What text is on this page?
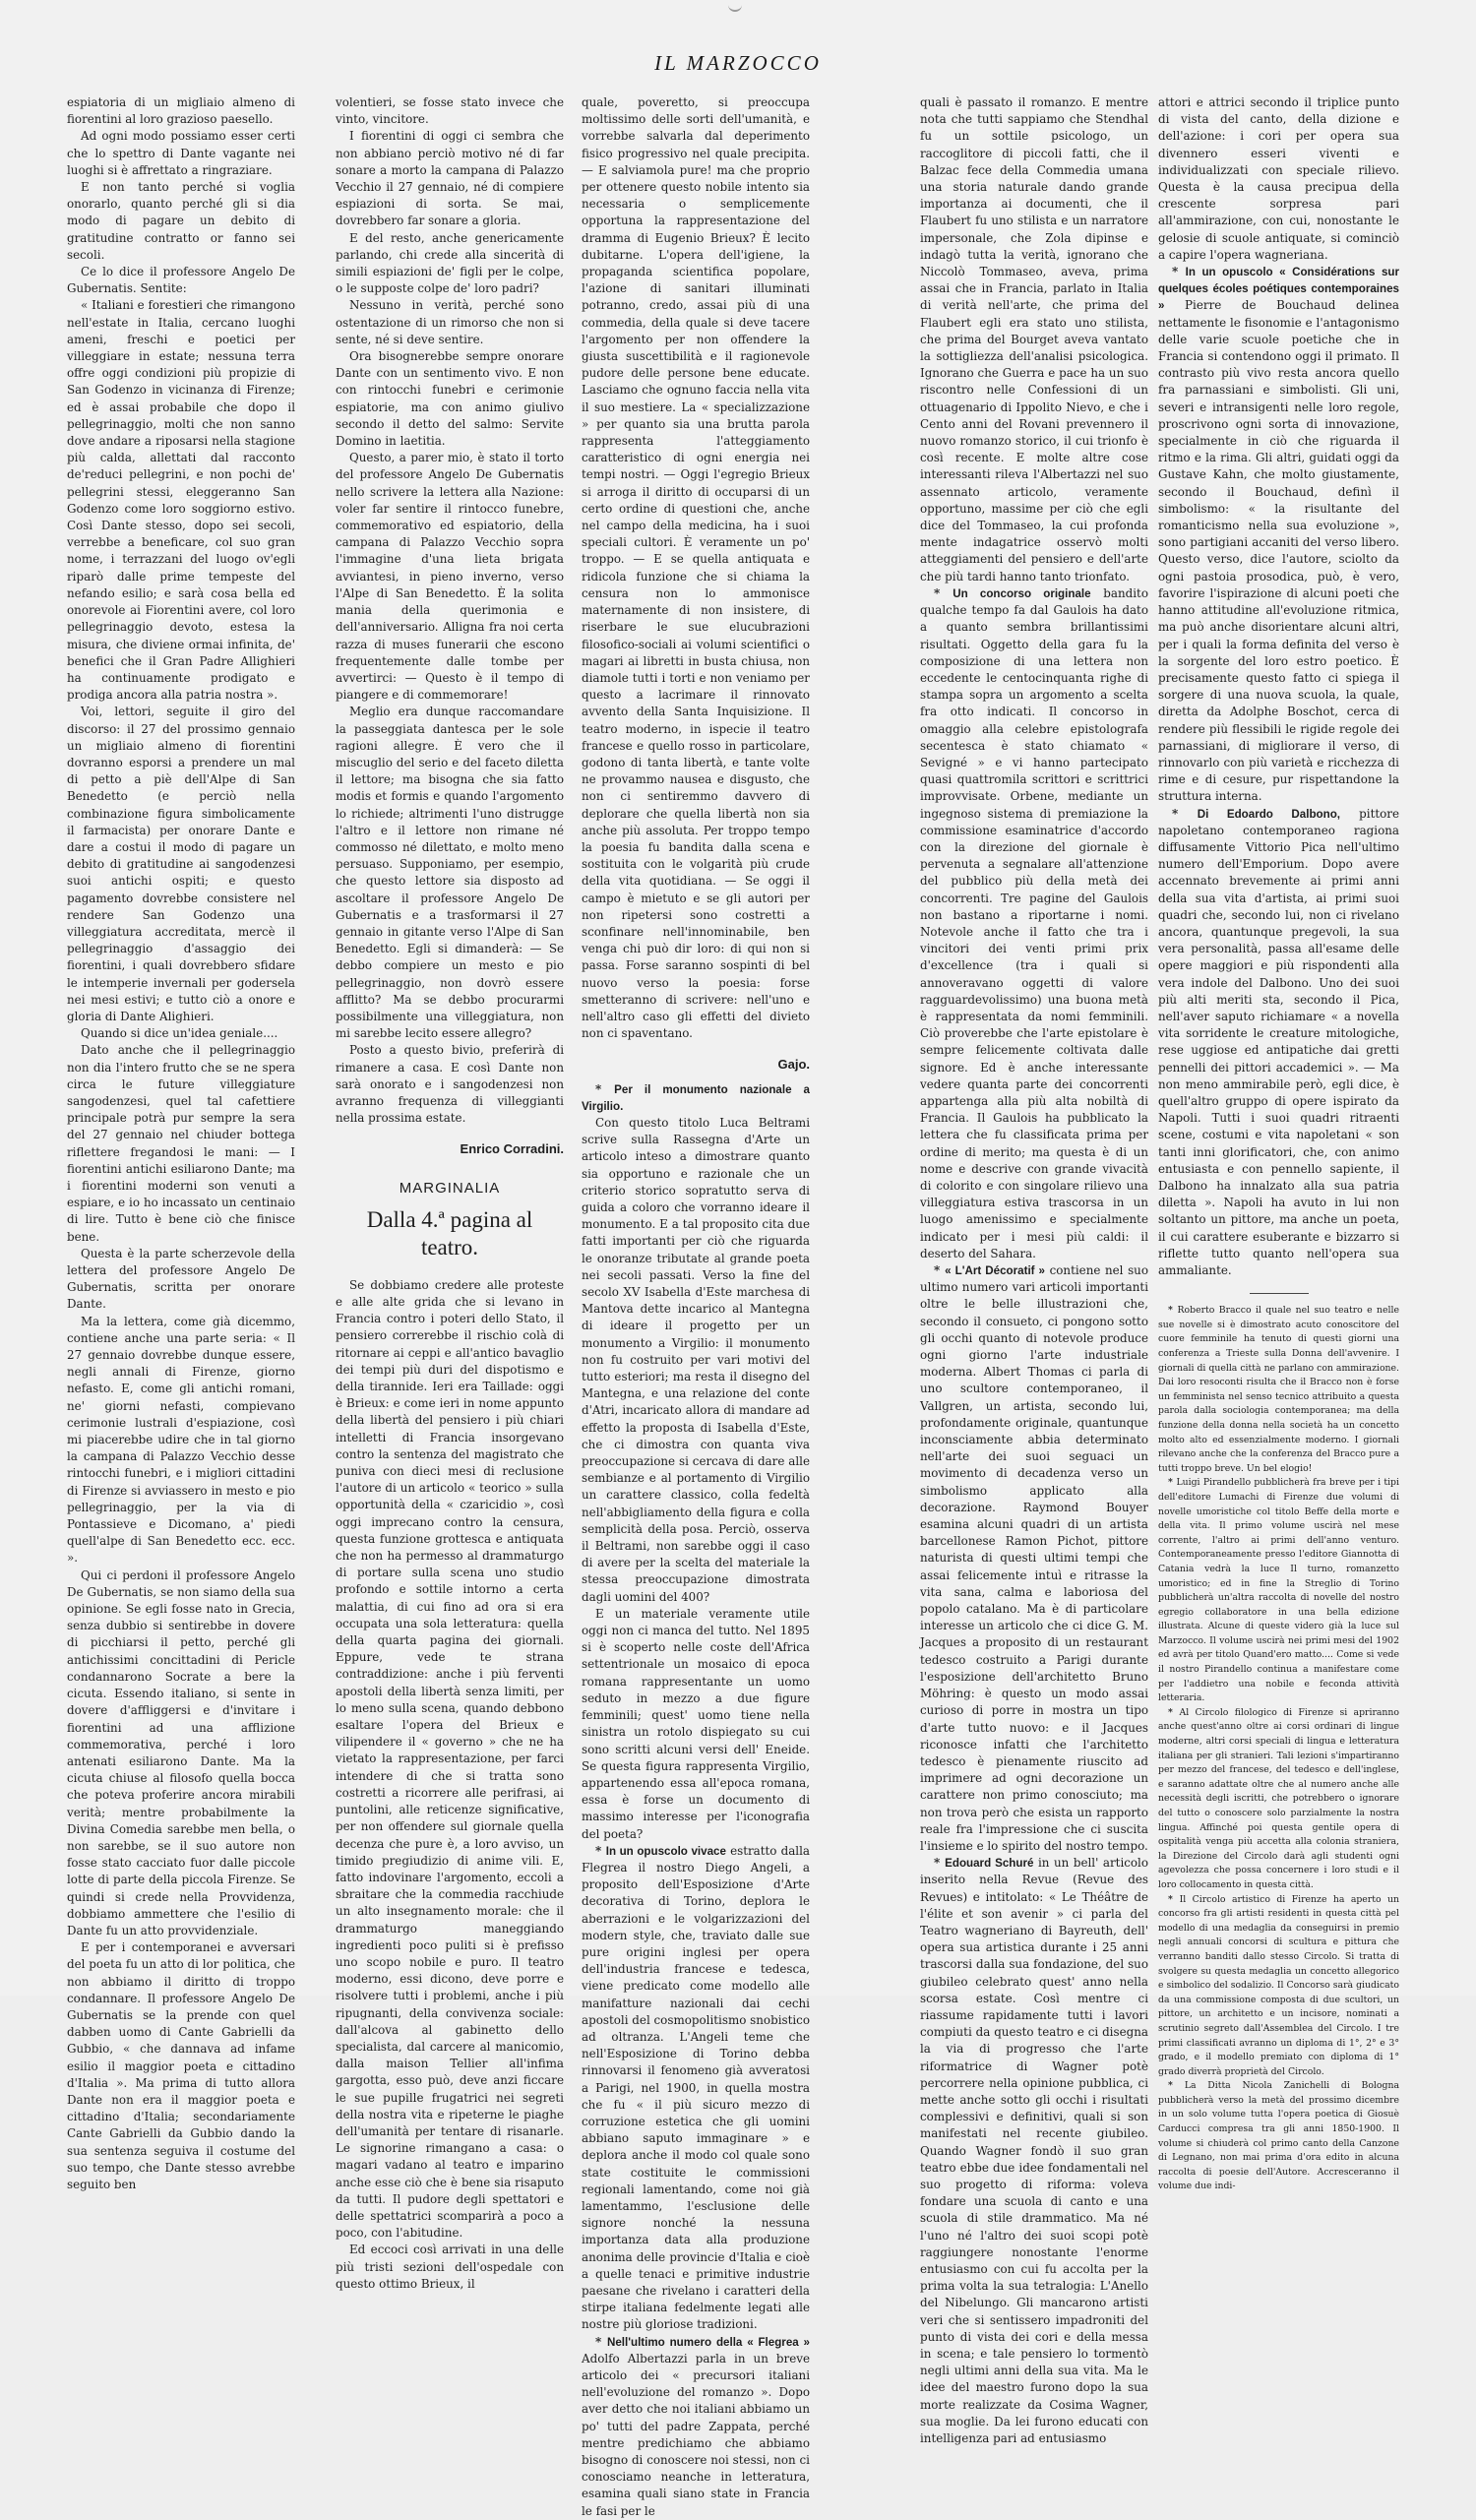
IL MARZOCCO

espiatoria di un migliaio almeno di fiorentini al loro grazioso paesello.

Ad ogni modo possiamo esser certi che lo spettro di Dante vagante nei luoghi si è affrettato a ringraziare.

E non tanto perché si voglia onorarlo, quanto perché gli si dia modo di pagare un debito di gratitudine contratto or fanno sei secoli.

Ce lo dice il professore Angelo De Gubernatis. Sentite:

« Italiani e forestieri che rimangono nell'estate in Italia, cercano luoghi ameni, freschi e poetici per villeggiare in estate; nessuna terra offre oggi condizioni più propizie di San Godenzo in vicinanza di Firenze; ed è assai probabile che dopo il pellegrinaggio, molti che non sanno dove andare a riposarsi nella stagione più calda, allettati dal racconto de'reduci pellegrini, e non pochi de' pellegrini stessi, eleggeranno San Godenzo come loro soggiorno estivo. Così Dante stesso, dopo sei secoli, verrebbe a beneficare, col suo gran nome, i terrazzani del luogo ov'egli riparò dalle prime tempeste del nefando esilio; e sarà cosa bella ed onorevole ai Fiorentini avere, col loro pellegrinaggio devoto, estesa la misura, che diviene ormai infinita, de' benefici che il Gran Padre Allighieri ha continuamente prodigato e prodiga ancora alla patria nostra ».

Voi, lettori, seguite il giro del discorso: il 27 del prossimo gennaio un migliaio almeno di fiorentini dovranno esporsi a prendere un mal di petto a piè dell'Alpe di San Benedetto (e perciò nella combinazione figura simbolicamente il farmacista) per onorare Dante e dare a costui il modo di pagare un debito di gratitudine ai sangodenzesi suoi antichi ospiti; e questo pagamento dovrebbe consistere nel rendere San Godenzo una villeggiatura accreditata, mercè il pellegrinaggio d'assaggio dei fiorentini, i quali dovrebbero sfidare le intemperie invernali per godersela nei mesi estivi; e tutto ciò a onore e gloria di Dante Alighieri.

Quando si dice un'idea geniale....

Dato anche che il pellegrinaggio non dia l'intero frutto che se ne spera circa le future villeggiature sangodenzesi, quel tal cafettiere principale potrà pur sempre la sera del 27 gennaio nel chiuder bottega riflettere fregandosi le mani: — I fiorentini antichi esiliarono Dante; ma i fiorentini moderni son venuti a espiare, e io ho incassato un centinaio di lire. Tutto è bene ciò che finisce bene.

Questa è la parte scherzevole della lettera del professore Angelo De Gubernatis, scritta per onorare Dante.

Ma la lettera, come già dicemmo, contiene anche una parte seria: « Il 27 gennaio dovrebbe dunque essere, negli annali di Firenze, giorno nefasto. E, come gli antichi romani, ne' giorni nefasti, compievano cerimonie lustrali d'espiazione, così mi piacerebbe udire che in tal giorno la campana di Palazzo Vecchio desse rintocchi funebri, e i migliori cittadini di Firenze si avviassero in mesto e pio pellegrinaggio, per la via di Pontassieve e Dicomano, a' piedi quell'alpe di San Benedetto ecc. ecc. ».

Qui ci perdoni il professore Angelo De Gubernatis, se non siamo della sua opinione. Se egli fosse nato in Grecia, senza dubbio si sentirebbe in dovere di picchiarsi il petto, perché gli antichissimi concittadini di Pericle condannarono Socrate a bere la cicuta. Essendo italiano, si sente in dovere d'affliggersi e d'invitare i fiorentini ad una afflizione commemorativa, perché i loro antenati esiliarono Dante. Ma la cicuta chiuse al filosofo quella bocca che poteva proferire ancora mirabili verità; mentre probabilmente la Divina Comedia sarebbe men bella, o non sarebbe, se il suo autore non fosse stato cacciato fuor dalle piccole lotte di parte della piccola Firenze. Se quindi si crede nella Provvidenza, dobbiamo ammettere che l'esilio di Dante fu un atto provvidenziale.

E per i contemporanei e avversari del poeta fu un atto di lor politica, che non abbiamo il diritto di troppo condannare. Il professore Angelo De Gubernatis se la prende con quel dabben uomo di Cante Gabrielli da Gubbio, « che dannava ad infame esilio il maggior poeta e cittadino d'Italia ». Ma prima di tutto allora Dante non era il maggior poeta e cittadino d'Italia; secondariamente Cante Gabrielli da Gubbio dando la sua sentenza seguiva il costume del suo tempo, che Dante stesso avrebbe seguito ben

volentieri, se fosse stato invece che vinto, vincitore.

I fiorentini di oggi ci sembra che non abbiano perciò motivo né di far sonare a morto la campana di Palazzo Vecchio il 27 gennaio, né di compiere espiazioni di sorta. Se mai, dovrebbero far sonare a gloria.

E del resto, anche genericamente parlando, chi crede alla sincerità di simili espiazioni de' figli per le colpe, o le supposte colpe de' loro padri?

Nessuno in verità, perché sono ostentazione di un rimorso che non si sente, né si deve sentire.

Ora bisognerebbe sempre onorare Dante con un sentimento vivo. E non con rintocchi funebri e cerimonie espiatorie, ma con animo giulivo secondo il detto del salmo: Servite Domino in laetitia.

Questo, a parer mio, è stato il torto del professore Angelo De Gubernatis nello scrivere la lettera alla Nazione: voler far sentire il rintocco funebre, commemorativo ed espiatorio, della campana di Palazzo Vecchio sopra l'immagine d'una lieta brigata avviantesi, in pieno inverno, verso l'Alpe di San Benedetto. È la solita mania della querimonia e dell'anniversario. Alligna fra noi certa razza di muses funerarii che escono frequentemente dalle tombe per avvertirci: — Questo è il tempo di piangere e di commemorare!

Meglio era dunque raccomandare la passeggiata dantesca per le sole ragioni allegre. È vero che il miscuglio del serio e del faceto diletta il lettore; ma bisogna che sia fatto modis et formis e quando l'argomento lo richiede; altrimenti l'uno distrugge l'altro e il lettore non rimane né commosso né dilettato, e molto meno persuaso. Supponiamo, per esempio, che questo lettore sia disposto ad ascoltare il professore Angelo De Gubernatis e a trasformarsi il 27 gennaio in gitante verso l'Alpe di San Benedetto. Egli si dimanderà: — Se debbo compiere un mesto e pio pellegrinaggio, non dovrò essere afflitto? Ma se debbo procurarmi possibilmente una villeggiatura, non mi sarebbe lecito essere allegro?

Posto a questo bivio, preferirà di rimanere a casa. E così Dante non sarà onorato e i sangodenzesi non avranno frequenza di villeggianti nella prossima estate.

Enrico Corradini.
MARGINALIA
Dalla 4.ª pagina al teatro.

Se dobbiamo credere alle proteste e alle alte grida che si levano in Francia contro i poteri dello Stato, il pensiero correrebbe il rischio colà di ritornare ai ceppi e all'antico bavaglio dei tempi più duri del dispotismo e della tirannide. Ieri era Taillade: oggi è Brieux: e come ieri in nome appunto della libertà del pensiero i più chiari intelletti di Francia insorgevano contro la sentenza del magistrato che puniva con dieci mesi di reclusione l'autore di un articolo « teorico » sulla opportunità della « czaricidio », così oggi imprecano contro la censura, questa funzione grottesca e antiquata che non ha permesso al drammaturgo di portare sulla scena uno studio profondo e sottile intorno a certa malattia, di cui fino ad ora si era occupata una sola letteratura: quella della quarta pagina dei giornali. Eppure, vede te strana contraddizione: anche i più ferventi apostoli della libertà senza limiti, per lo meno sulla scena, quando debbono esaltare l'opera del Brieux e vilipendere il « governo » che ne ha vietato la rappresentazione, per farci intendere di che si tratta sono costretti a ricorrere alle perifrasi, ai puntolini, alle reticenze significative, per non offendere sul giornale quella decenza che pure è, a loro avviso, un timido pregiudizio di anime vili. E, fatto indovinare l'argomento, eccoli a sbraitare che la commedia racchiude un alto insegnamento morale: che il drammaturgo maneggiando ingredienti poco puliti si è prefisso uno scopo nobile e puro. Il teatro moderno, essi dicono, deve porre e risolvere tutti i problemi, anche i più ripugnanti, della convivenza sociale: dall'alcova al gabinetto dello specialista, dal carcere al manicomio, dalla maison Tellier all'infima gargotta, esso può, deve anzi ficcare le sue pupille frugatrici nei segreti della nostra vita e ripeterne le piaghe dell'umanità per tentare di risanarle. Le signorine rimangano a casa: o magari vadano al teatro e imparino anche esse ciò che è bene sia risaputo da tutti. Il pudore degli spettatori e delle spettatrici scomparirà a poco a poco, con l'abitudine.

Ed eccoci così arrivati in una delle più tristi sezioni dell'ospedale con questo ottimo Brieux, il

quale, poveretto, si preoccupa moltissimo delle sorti dell'umanità, e vorrebbe salvarla dal deperimento fisico progressivo nel quale precipita. — E salviamola pure! ma che proprio per ottenere questo nobile intento sia necessaria o semplicemente opportuna la rappresentazione del dramma di Eugenio Brieux? È lecito dubitarne. L'opera dell'igiene, la propaganda scientifica popolare, l'azione di sanitari illuminati potranno, credo, assai più di una commedia, della quale si deve tacere l'argomento per non offendere la giusta suscettibilità e il ragionevole pudore delle persone bene educate. Lasciamo che ognuno faccia nella vita il suo mestiere. La « specializzazione » per quanto sia una brutta parola rappresenta l'atteggiamento caratteristico di ogni energia nei tempi nostri. — Oggi l'egregio Brieux si arroga il diritto di occuparsi di un certo ordine di questioni che, anche nel campo della medicina, ha i suoi speciali cultori. È veramente un po' troppo. — E se quella antiquata e ridicola funzione che si chiama la censura non lo ammonisce maternamente di non insistere, di riserbare le sue elucubrazioni filosofico-sociali ai volumi scientifici o magari ai libretti in busta chiusa, non diamole tutti i torti e non veniamo per questo a lacrimare il rinnovato avvento della Santa Inquisizione. Il teatro moderno, in ispecie il teatro francese e quello rosso in particolare, godono di tanta libertà, e tante volte ne provammo nausea e disgusto, che non ci sentiremmo davvero di deplorare che quella libertà non sia anche più assoluta. Per troppo tempo la poesia fu bandita dalla scena e sostituita con le volgarità più crude della vita quotidiana. — Se oggi il campo è mietuto e se gli autori per non ripetersi sono costretti a sconfinare nell'innominabile, ben venga chi può dir loro: di qui non si passa. Forse saranno sospinti di bel nuovo verso la poesia: forse smetteranno di scrivere: nell'uno e nell'altro caso gli effetti del divieto non ci spaventano.

Gajo.

* Per il monumento nazionale a Virgilio.

Con questo titolo Luca Beltrami scrive sulla Rassegna d'Arte un articolo inteso a dimostrare quanto sia opportuno e razionale che un criterio storico sopratutto serva di guida a coloro che vorranno ideare il monumento. E a tal proposito cita due fatti importanti per ciò che riguarda le onoranze tributate al grande poeta nei secoli passati. Verso la fine del secolo XV Isabella d'Este marchesa di Mantova dette incarico al Mantegna di ideare il progetto per un monumento a Virgilio: il monumento non fu costruito per vari motivi del tutto esteriori; ma resta il disegno del Mantegna, e una relazione del conte d'Atri, incaricato allora di mandare ad effetto la proposta di Isabella d'Este, che ci dimostra con quanta viva preoccupazione si cercava di dare alle sembianze e al portamento di Virgilio un carattere classico, colla fedeltà nell'abbigliamento della figura e colla semplicità della posa. Perciò, osserva il Beltrami, non sarebbe oggi il caso di avere per la scelta del materiale la stessa preoccupazione dimostrata dagli uomini del 400?

E un materiale veramente utile oggi non ci manca del tutto. Nel 1895 si è scoperto nelle coste dell'Africa settentrionale un mosaico di epoca romana rappresentante un uomo seduto in mezzo a due figure femminili; quest' uomo tiene nella sinistra un rotolo dispiegato su cui sono scritti alcuni versi dell' Eneide. Se questa figura rappresenta Virgilio, appartenendo essa all'epoca romana, essa è forse un documento di massimo interesse per l'iconografia del poeta?

* In un opuscolo vivace estratto dalla Flegrea il nostro Diego Angeli, a proposito dell'Esposizione d'Arte decorativa di Torino, deplora le aberrazioni e le volgarizzazioni del modern style, che, traviato dalle sue pure origini inglesi per opera dell'industria francese e tedesca, viene predicato come modello alle manifatture nazionali dai cechi apostoli del cosmopolitismo snobistico ad oltranza. L'Angeli teme che nell'Esposizione di Torino debba rinnovarsi il fenomeno già avveratosi a Parigi, nel 1900, in quella mostra che fu « il più sicuro mezzo di corruzione estetica che gli uomini abbiano saputo immaginare » e deplora anche il modo col quale sono state costituite le commissioni regionali lamentando, come noi già lamentammo, l'esclusione delle signore nonché la nessuna importanza data alla produzione anonima delle provincie d'Italia e cioè a quelle tenaci e primitive industrie paesane che rivelano i caratteri della stirpe italiana fedelmente legati alle nostre più gloriose tradizioni.

* Nell'ultimo numero della « Flegrea » Adolfo Albertazzi parla in un breve articolo dei « precursori italiani nell'evoluzione del romanzo ». Dopo aver detto che noi italiani abbiamo un po' tutti del padre Zappata, perché mentre predichiamo che abbiamo bisogno di conoscere noi stessi, non ci conosciamo neanche in letteratura, esamina quali siano state in Francia le fasi per le

quali è passato il romanzo. E mentre nota che tutti sappiamo che Stendhal fu un sottile psicologo, un raccoglitore di piccoli fatti, che il Balzac fece della Commedia umana una storia naturale dando grande importanza ai documenti, che il Flaubert fu uno stilista e un narratore impersonale, che Zola dipinse e indagò tutta la verità, ignorano che Niccolò Tommaseo, aveva, prima assai che in Francia, parlato in Italia di verità nell'arte, che prima del Flaubert egli era stato uno stilista, che prima del Bourget aveva vantato la sottigliezza dell'analisi psicologica. Ignorano che Guerra e pace ha un suo riscontro nelle Confessioni di un ottuagenario di Ippolito Nievo, e che i Cento anni del Rovani prevennero il nuovo romanzo storico, il cui trionfo è così recente. E molte altre cose interessanti rileva l'Albertazzi nel suo assennato articolo, veramente opportuno, massime per ciò che egli dice del Tommaseo, la cui profonda mente indagatrice osservò molti atteggiamenti del pensiero e dell'arte che più tardi hanno tanto trionfato.

* Un concorso originale bandito qualche tempo fa dal Gaulois ha dato a quanto sembra brillantissimi risultati. Oggetto della gara fu la composizione di una lettera non eccedente le centocinquanta righe di stampa sopra un argomento a scelta fra otto indicati. Il concorso in omaggio alla celebre epistolografa secentesca è stato chiamato « Sevigné » e vi hanno partecipato quasi quattromila scrittori e scrittrici improvvisate. Orbene, mediante un ingegnoso sistema di premiazione la commissione esaminatrice d'accordo con la direzione del giornale è pervenuta a segnalare all'attenzione del pubblico più della metà dei concorrenti. Tre pagine del Gaulois non bastano a riportarne i nomi. Notevole anche il fatto che tra i vincitori dei venti primi prix d'excellence (tra i quali si annoveravano oggetti di valore ragguardevolissimo) una buona metà è rappresentata da nomi femminili. Ciò proverebbe che l'arte epistolare è sempre felicemente coltivata dalle signore. Ed è anche interessante vedere quanta parte dei concorrenti appartenga alla più alta nobiltà di Francia. Il Gaulois ha pubblicato la lettera che fu classificata prima per ordine di merito; ma questa è di un nome e descrive con grande vivacità di colorito e con singolare rilievo una villeggiatura estiva trascorsa in un luogo amenissimo e specialmente indicato per i mesi più caldi: il deserto del Sahara.

* « L'Art Décoratif » contiene nel suo ultimo numero vari articoli importanti oltre le belle illustrazioni che, secondo il consueto, ci pongono sotto gli occhi quanto di notevole produce ogni giorno l'arte industriale moderna. Albert Thomas ci parla di uno scultore contemporaneo, il Vallgren, un artista, secondo lui, profondamente originale, quantunque inconsciamente abbia determinato nell'arte dei suoi seguaci un movimento di decadenza verso un simbolismo applicato alla decorazione. Raymond Bouyer esamina alcuni quadri di un artista barcellonese Ramon Pichot, pittore naturista di questi ultimi tempi che assai felicemente intuì e ritrasse la vita sana, calma e laboriosa del popolo catalano. Ma è di particolare interesse un articolo che ci dice G. M. Jacques a proposito di un restaurant tedesco costruito a Parigi durante l'esposizione dell'architetto Bruno Möhring: è questo un modo assai curioso di porre in mostra un tipo d'arte tutto nuovo: e il Jacques riconosce infatti che l'architetto tedesco è pienamente riuscito ad imprimere ad ogni decorazione un carattere non primo conosciuto; ma non trova però che esista un rapporto reale fra l'impressione che ci suscita l'insieme e lo spirito del nostro tempo.

* Edouard Schuré in un bell' articolo inserito nella Revue (Revue des Revues) e intitolato: « Le Théâtre de l'élite et son avenir » ci parla del Teatro wagneriano di Bayreuth, dell' opera sua artistica durante i 25 anni trascorsi dalla sua fondazione, del suo giubileo celebrato quest' anno nella scorsa estate. Così mentre ci riassume rapidamente tutti i lavori compiuti da questo teatro e ci disegna la via di progresso che l'arte riformatrice di Wagner potè percorrere nella opinione pubblica, ci mette anche sotto gli occhi i risultati complessivi e definitivi, quali si son manifestati nel recente giubileo. Quando Wagner fondò il suo gran teatro ebbe due idee fondamentali nel suo progetto di riforma: voleva fondare una scuola di canto e una scuola di stile drammatico. Ma né l'uno né l'altro dei suoi scopi potè raggiungere nonostante l'enorme entusiasmo con cui fu accolta per la prima volta la sua tetralogia: L'Anello del Nibelungo. Gli mancarono artisti veri che si sentissero impadroniti del punto di vista dei cori e della messa in scena; e tale pensiero lo tormentò negli ultimi anni della sua vita. Ma le idee del maestro furono dopo la sua morte realizzate da Cosima Wagner, sua moglie. Da lei furono educati con intelligenza pari ad entusiasmo

attori e attrici secondo il triplice punto di vista del canto, della dizione e dell'azione: i cori per opera sua divennero esseri viventi e individualizzati con speciale rilievo. Questa è la causa precipua della crescente sorpresa pari all'ammirazione, con cui, nonostante le gelosie di scuole antiquate, si cominciò a capire l'opera wagneriana.

* In un opuscolo « Considérations sur quelques écoles poétiques contemporaines » Pierre de Bouchaud delinea nettamente le fisonomie e l'antagonismo delle varie scuole poetiche che in Francia si contendono oggi il primato. Il contrasto più vivo resta ancora quello fra parnassiani e simbolisti. Gli uni, severi e intransigenti nelle loro regole, proscrivono ogni sorta di innovazione, specialmente in ciò che riguarda il ritmo e la rima. Gli altri, guidati oggi da Gustave Kahn, che molto giustamente, secondo il Bouchaud, definì il simbolismo: « la risultante del romanticismo nella sua evoluzione », sono partigiani accaniti del verso libero. Questo verso, dice l'autore, sciolto da ogni pastoia prosodica, può, è vero, favorire l'ispirazione di alcuni poeti che hanno attitudine all'evoluzione ritmica, ma può anche disorientare alcuni altri, per i quali la forma definita del verso è la sorgente del loro estro poetico. È precisamente questo fatto ci spiega il sorgere di una nuova scuola, la quale, diretta da Adolphe Boschot, cerca di rendere più flessibili le rigide regole dei parnassiani, di migliorare il verso, di rinnovarlo con più varietà e ricchezza di rime e di cesure, pur rispettandone la struttura interna.

* Di Edoardo Dalbono, pittore napoletano contemporaneo ragiona diffusamente Vittorio Pica nell'ultimo numero dell'Emporium. Dopo avere accennato brevemente ai primi anni della sua vita d'artista, ai primi suoi quadri che, secondo lui, non ci rivelano ancora, quantunque pregevoli, la sua vera personalità, passa all'esame delle opere maggiori e più rispondenti alla vera indole del Dalbono. Uno dei suoi più alti meriti sta, secondo il Pica, nell'aver saputo richiamare « a novella vita sorridente le creature mitologiche, rese uggiose ed antipatiche dai gretti pennelli dei pittori accademici ». — Ma non meno ammirabile però, egli dice, è quell'altro gruppo di opere ispirato da Napoli. Tutti i suoi quadri ritraenti scene, costumi e vita napoletani « son tanti inni glorificatori, che, con animo entusiasta e con pennello sapiente, il Dalbono ha innalzato alla sua patria diletta ». Napoli ha avuto in lui non soltanto un pittore, ma anche un poeta, il cui carattere esuberante e bizzarro si riflette tutto quanto nell'opera sua ammaliante.

* Roberto Bracco il quale nel suo teatro e nelle sue novelle si è dimostrato acuto conoscitore del cuore femminile ha tenuto di questi giorni una conferenza a Trieste sulla Donna dell'avvenire. I giornali di quella città ne parlano con ammirazione. Dai loro resoconti risulta che il Bracco non è forse un femminista nel senso tecnico attribuito a questa parola dalla sociologia contemporanea; ma della funzione della donna nella società ha un concetto molto alto ed essenzialmente moderno. I giornali rilevano anche che la conferenza del Bracco pure a tutti troppo breve. Un bel elogio!

* Luigi Pirandello pubblicherà fra breve per i tipi dell'editore Lumachi di Firenze due volumi di novelle umoristiche col titolo Beffe della morte e della vita. Il primo volume uscirà nel mese corrente, l'altro ai primi dell'anno venturo. Contemporaneamente presso l'editore Giannotta di Catania vedrà la luce Il turno, romanzetto umoristico; ed in fine la Streglio di Torino pubblicherà un'altra raccolta di novelle del nostro egregio collaboratore in una bella edizione illustrata. Alcune di queste videro già la luce sul Marzocco. Il volume uscirà nei primi mesi del 1902 ed avrà per titolo Quand'ero matto.... Come si vede il nostro Pirandello continua a manifestare come per l'addietro una nobile e feconda attività letteraria.

* Al Circolo filologico di Firenze si apriranno anche quest'anno oltre ai corsi ordinari di lingue moderne, altri corsi speciali di lingua e letteratura italiana per gli stranieri. Tali lezioni s'impartiranno per mezzo del francese, del tedesco e dell'inglese, e saranno adattate oltre che al numero anche alle necessità degli iscritti, che potrebbero o ignorare del tutto o conoscere solo parzialmente la nostra lingua. Affinché poi questa gentile opera di ospitalità venga più accetta alla colonia straniera, la Direzione del Circolo darà agli studenti ogni agevolezza che possa concernere i loro studi e il loro collocamento in questa città.

* Il Circolo artistico di Firenze ha aperto un concorso fra gli artisti residenti in questa città pel modello di una medaglia da conseguirsi in premio negli annuali concorsi di scultura e pittura che verranno banditi dallo stesso Circolo. Si tratta di svolgere su questa medaglia un concetto allegorico e simbolico del sodalizio. Il Concorso sarà giudicato da una commissione composta di due scultori, un pittore, un architetto e un incisore, nominati a scrutinio segreto dall'Assemblea del Circolo. I tre primi classificati avranno un diploma di 1°, 2° e 3° grado, e il modello premiato con diploma di 1° grado diverrà proprietà del Circolo.

* La Ditta Nicola Zanichelli di Bologna pubblicherà verso la metà del prossimo dicembre in un solo volume tutta l'opera poetica di Giosuè Carducci compresa tra gli anni 1850-1900. Il volume si chiuderà col primo canto della Canzone di Legnano, non mai prima d'ora edito in alcuna raccolta di poesie dell'Autore. Accresceranno il volume due indi-
